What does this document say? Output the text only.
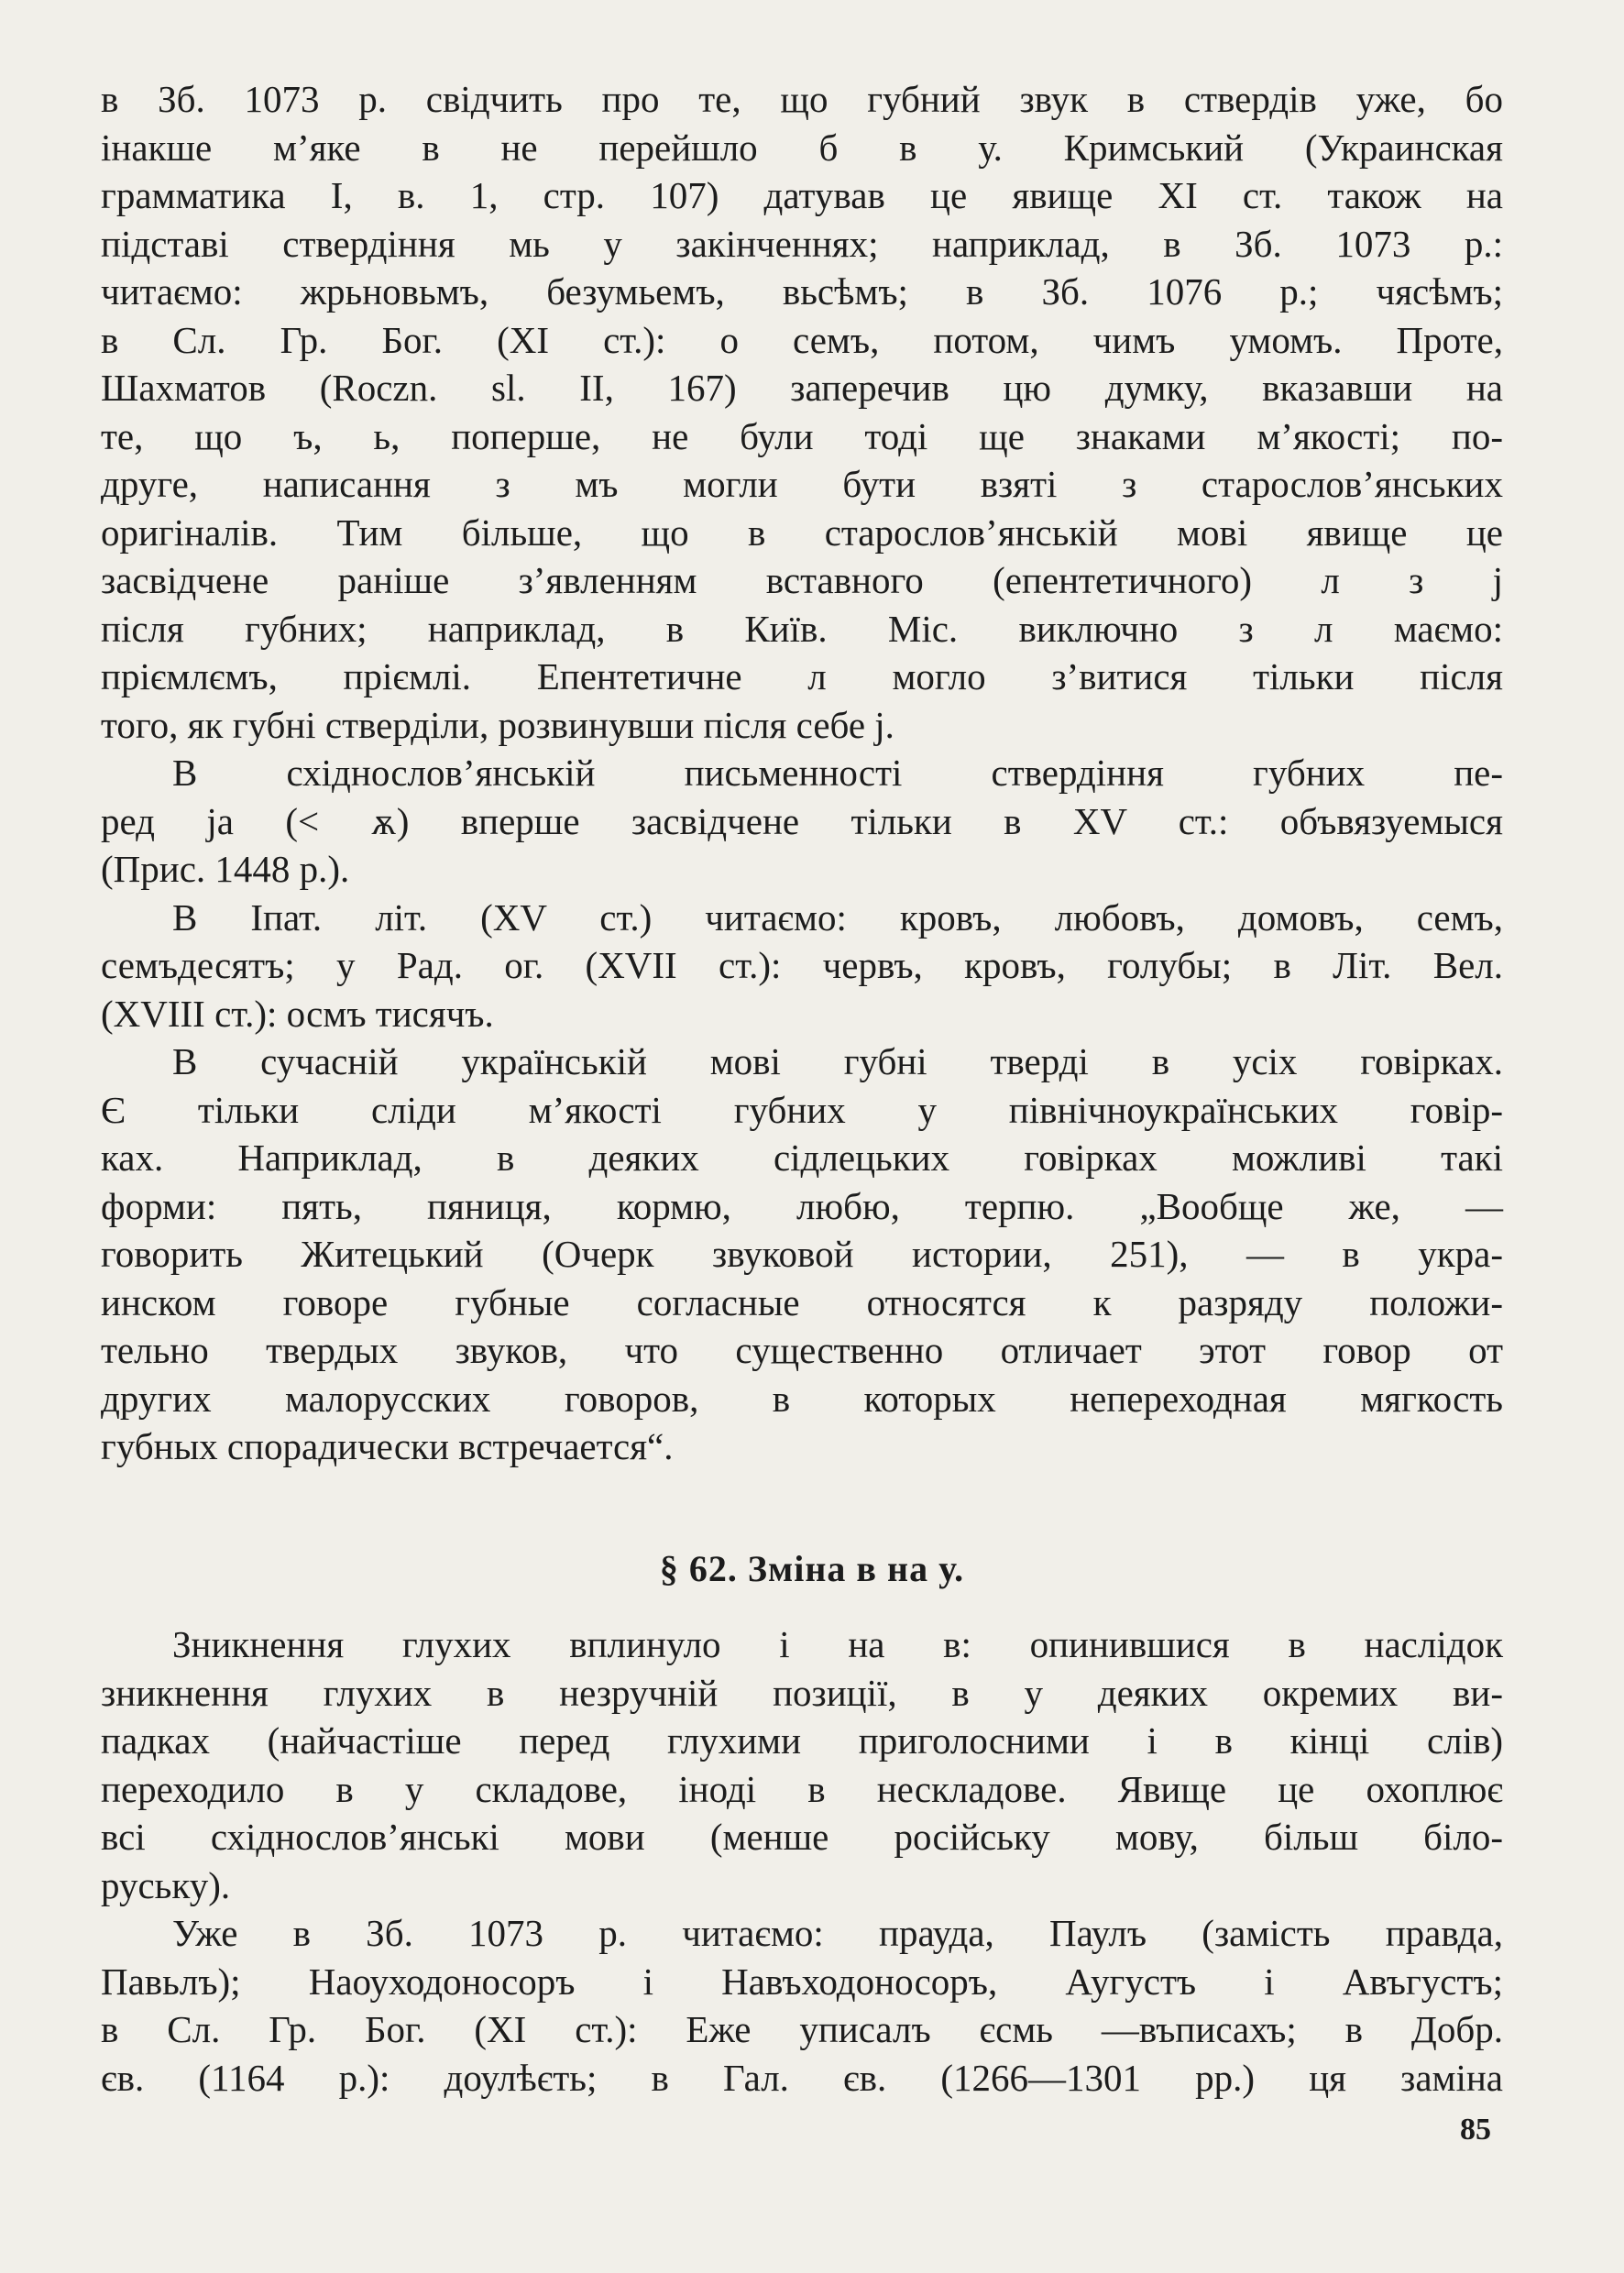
в Зб. 1073 р. свідчить про те, що губний звук в ствердів уже, бо
інакше м’яке в не перейшло б в у. Кримський (Украинская
грамматика I, в. 1, стр. 107) датував це явище XI ст. також на
підставі ствердіння мь у закінченнях; наприклад, в Зб. 1073 р.:
читаємо: жрьновьмъ, безумьемъ, вьсѣмъ; в Зб. 1076 р.; чясѣмъ;
в Сл. Гр. Бог. (XI ст.): о семъ, потом, чимъ умомъ. Проте,
Шахматов (Roczn. sl. II, 167) заперечив цю думку, вказавши на
те, що ъ, ь, поперше, не були тоді ще знаками м’якості; по-
друге, написання з мъ могли бути взяті з старослов’янських
оригіналів. Тим більше, що в старослов’янській мові явище це
засвідчене раніше з’явленням вставного (епентетичного) л з j
після губних; наприклад, в Київ. Міс. виключно з л маємо:
пріємлємъ, пріємлі. Епентетичне л могло з’витися тільки після
того, як губні стверділи, розвинувши після себе j.
В східнослов’янській письменності ствердіння губних пе-
ред ja (< ѫ) вперше засвідчене тільки в XV ст.: объвязуемыся
(Прис. 1448 р.).
В Іпат. літ. (XV ст.) читаємо: кровъ, любовъ, домовъ, семъ,
семъдесятъ; у Рад. ог. (XVII ст.): червъ, кровъ, голубы; в Літ. Вел.
(XVIII ст.): осмъ тисячъ.
В сучасній українській мові губні тверді в усіх говірках.
Є тільки сліди м’якості губних у північноукраїнських говір-
ках. Наприклад, в деяких сідлецьких говірках можливі такі
форми: пять, пяниця, кормю, любю, терпю. „Вообще же, —
говорить Житецький (Очерк звуковой истории, 251), — в укра-
инском говоре губные согласные относятся к разряду положи-
тельно твердых звуков, что существенно отличает этот говор от
других малорусских говоров, в которых непереходная мягкость
губных спорадически встречается“.
§ 62. Зміна в на у.
Зникнення глухих вплинуло і на в: опинившися в наслідок
зникнення глухих в незручній позиції, в у деяких окремих ви-
падках (найчастіше перед глухими приголосними і в кінці слів)
переходило в у складове, іноді в нескладове. Явище це охоплює
всі східнослов’янські мови (менше російську мову, більш біло-
руську).
Уже в Зб. 1073 р. читаємо: прауда, Паулъ (замість правда,
Павьлъ); Наоуходоносоръ і Навъходоносоръ, Аугустъ і Авъгустъ;
в Сл. Гр. Бог. (XI ст.): Еже уписалъ єсмь —въписахъ; в Добр.
єв. (1164 р.): доулѣєть; в Гал. єв. (1266—1301 рр.) ця заміна
85
